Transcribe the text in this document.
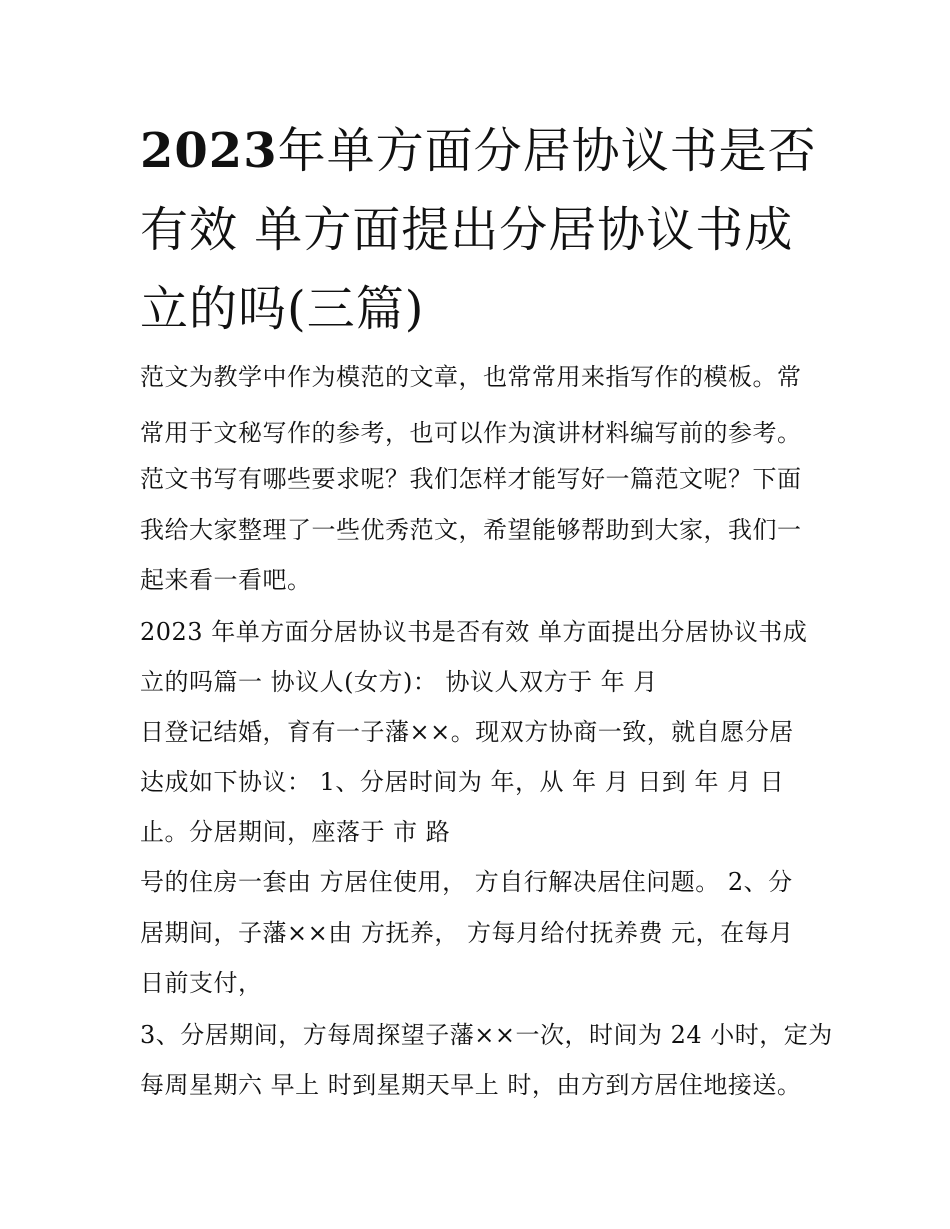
2023年单方面分居协议书是否有效 单方面提出分居协议书成立的吗(三篇)

范文为教学中作为模范的文章，也常常用来指写作的模板。常

常用于文秘写作的参考，也可以作为演讲材料编写前的参考。

范文书写有哪些要求呢？我们怎样才能写好一篇范文呢？下面

我给大家整理了一些优秀范文，希望能够帮助到大家，我们一

起来看一看吧。

2023 年单方面分居协议书是否有效 单方面提出分居协议书成

立的吗篇一 协议人(女方)： 协议人双方于 年 月

日登记结婚，育有一子藩××。现双方协商一致，就自愿分居

达成如下协议： 1、分居时间为 年，从 年 月 日到 年 月 日

止。分居期间，座落于 市 路

号的住房一套由 方居住使用， 方自行解决居住问题。 2、分

居期间，子藩××由 方抚养， 方每月给付抚养费 元，在每月

日前支付，

3、分居期间，方每周探望子藩××一次，时间为 24 小时，定为

每周星期六 早上 时到星期天早上 时，由方到方居住地接送。
